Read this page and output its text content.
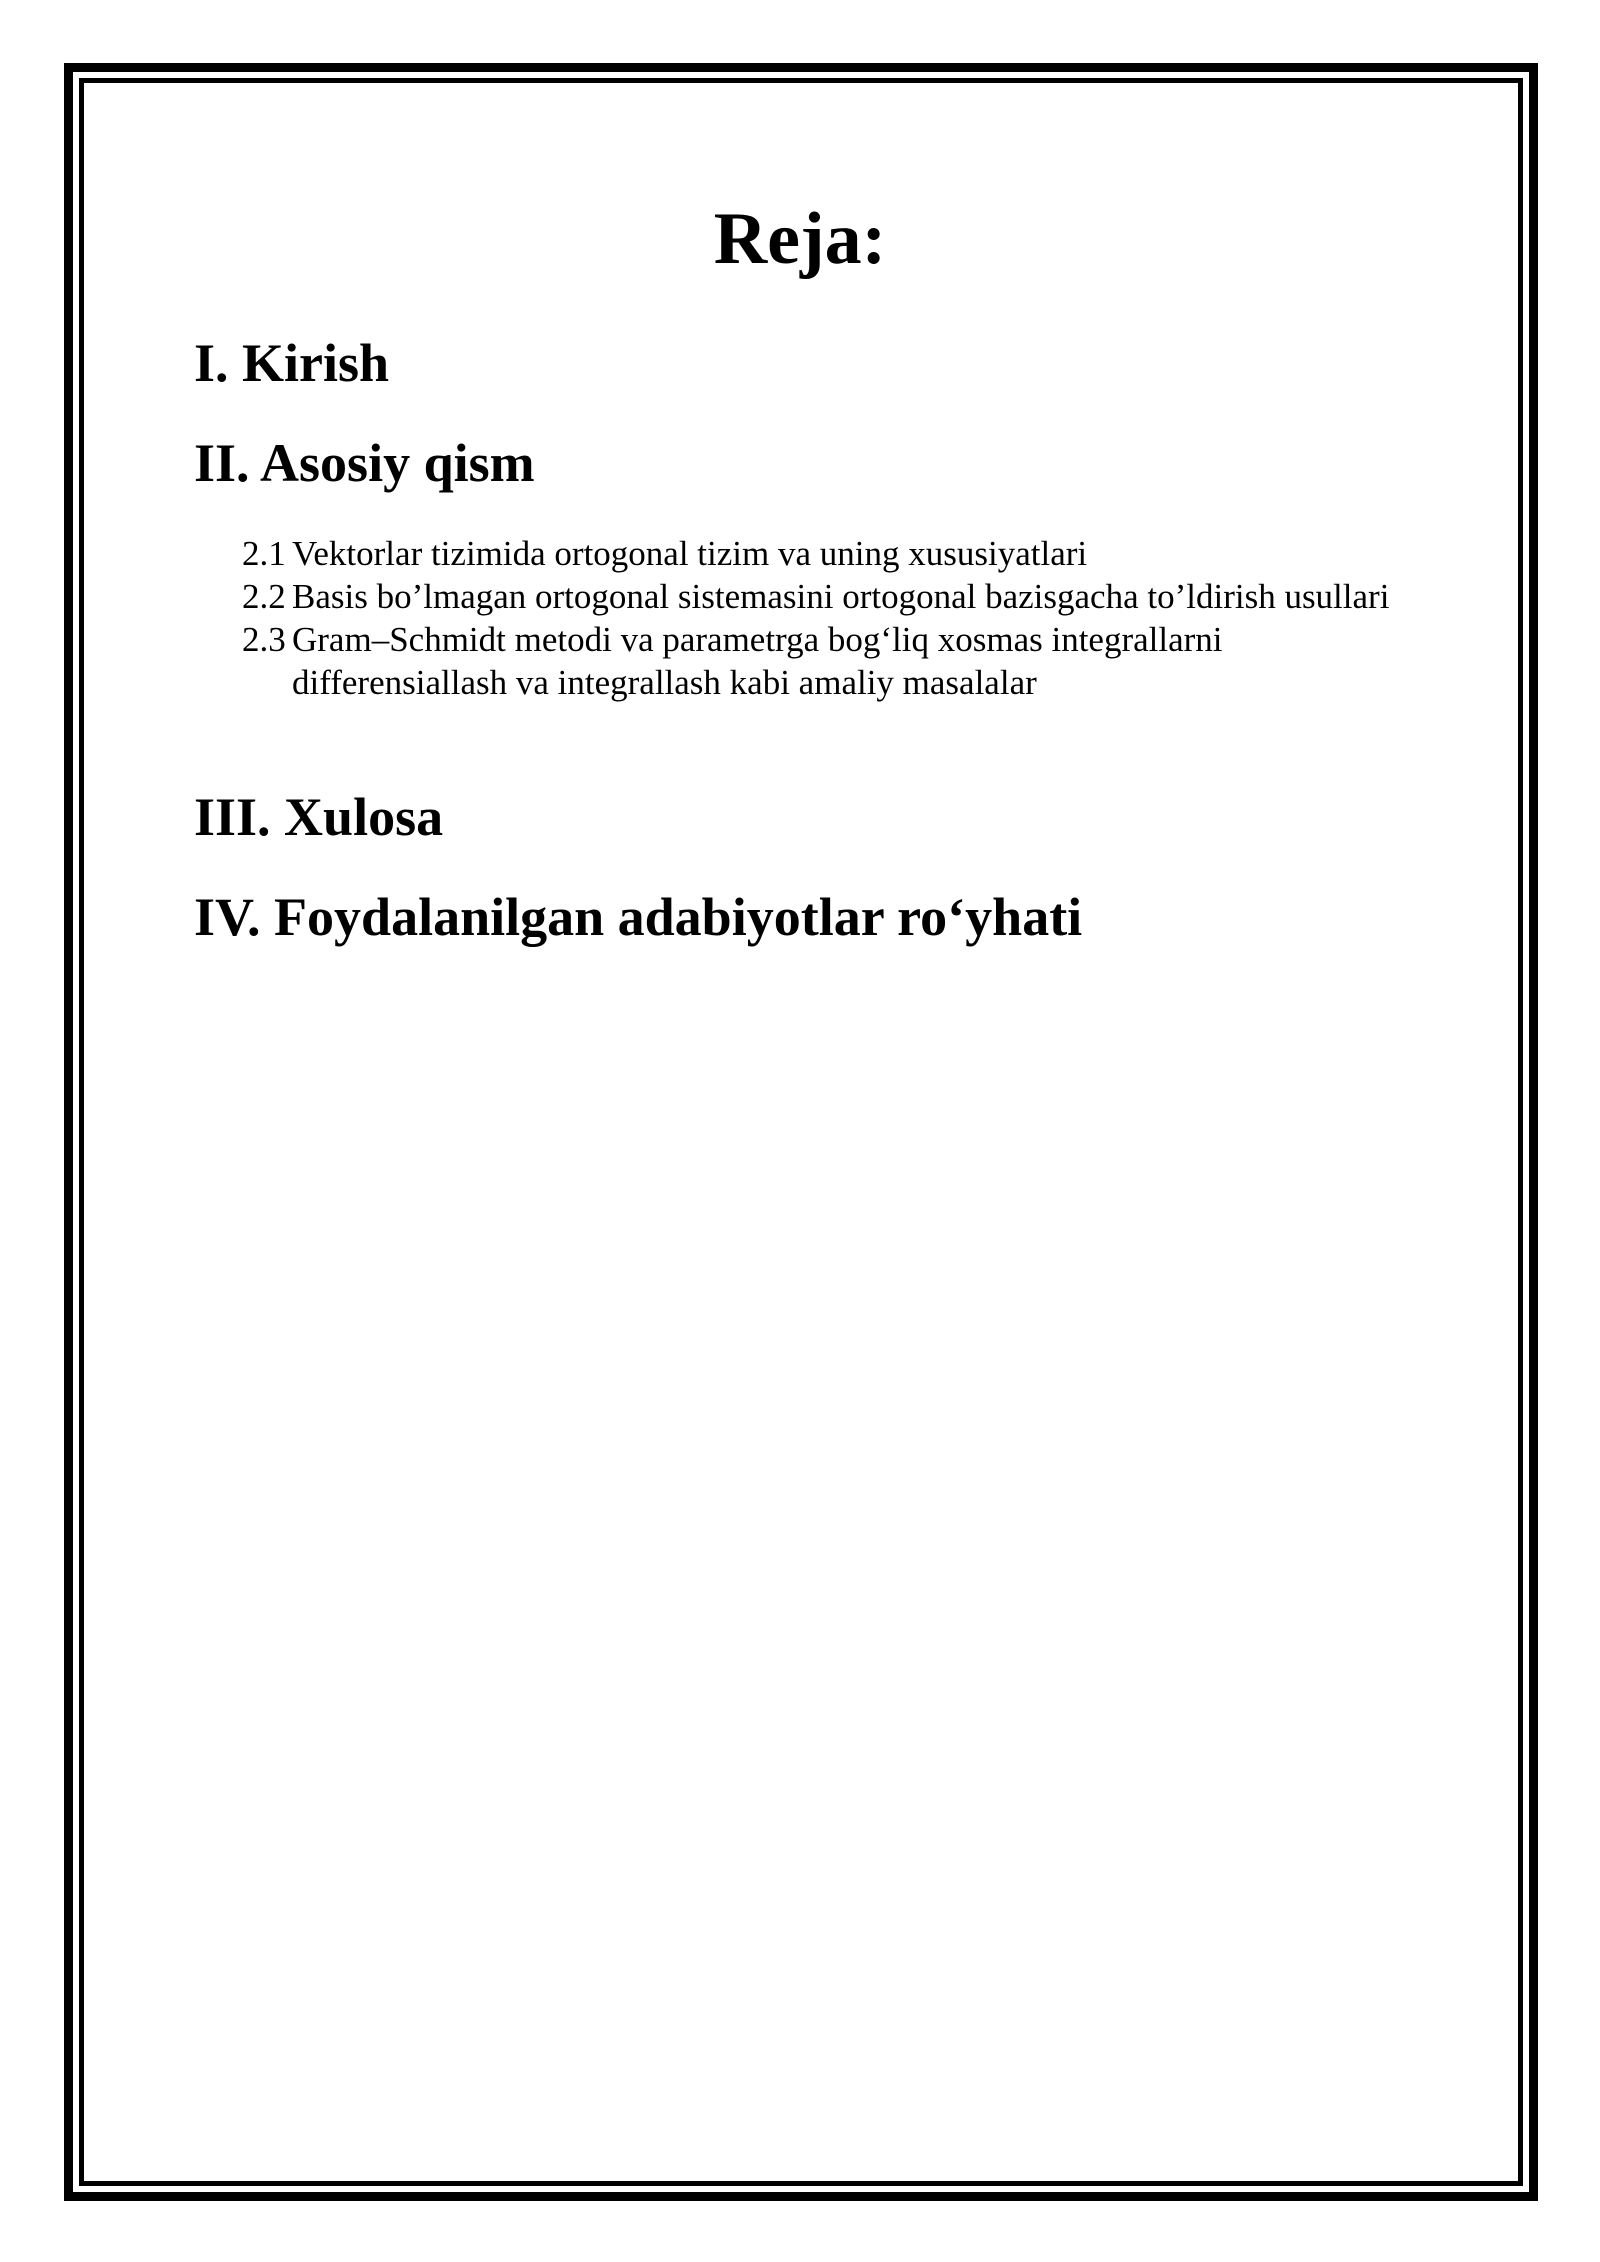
Reja:
I. Kirish
II. Asosiy qism
2.1 Vektorlar tizimida ortogonal tizim va uning xususiyatlari
2.2 Basis bo’lmagan ortogonal sistemasini ortogonal bazisgacha to’ldirish usullari
2.3 Gram–Schmidt metodi va parametrga bog‘liq xosmas integrallarni differensiallash va integrallash kabi amaliy masalalar
III. Xulosa
IV. Foydalanilgan adabiyotlar ro‘yhati
